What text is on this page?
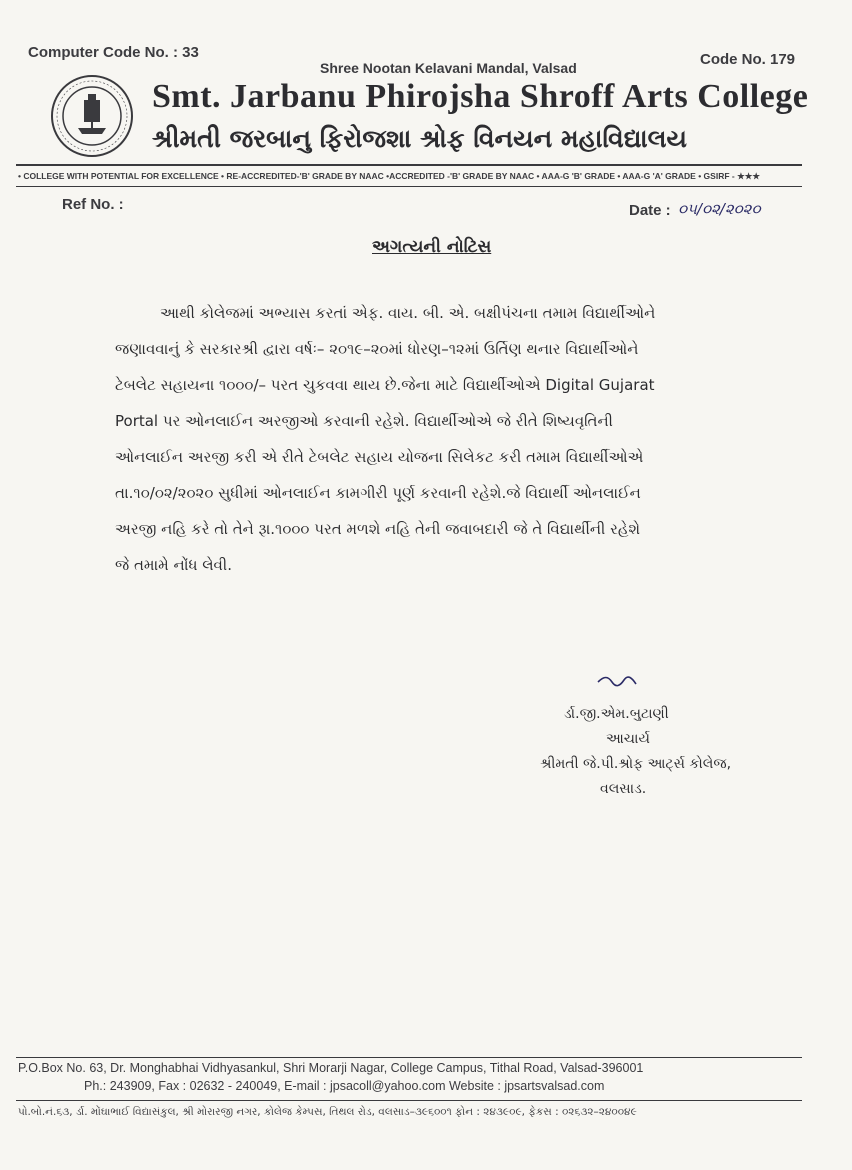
Computer Code No. : 33	Code No. 179
Shree Nootan Kelavani Mandal, Valsad
Smt. Jarbanu Phirojsha Shroff Arts College
શ્રીમતી જરબાનુ ફિરોજશા શ્રોફ વિનયન મહાવિદ્યાલય
• COLLEGE WITH POTENTIAL FOR EXCELLENCE • RE-ACCREDITED-'B' GRADE BY NAAC •ACCREDITED -'B' GRADE BY NAAC • AAA-G 'B' GRADE • AAA-G 'A' GRADE • GSIRF - ★★★
Ref No. :	Date : ૦૫/૦૨/૨૦૨૦
અગત્યની નોટિસ
આથી કોલેજમાં અભ્યાસ કરતાં એફ. વાય. બી. એ. બક્ષીપંચના તમામ વિદ્યાર્થીઓને
જણાવવાનું કે સરકારશ્રી દ્વારા વર્ષઃ– ૨૦૧૯–૨૦માં ધોરણ–૧૨માં ઉર્તિણ થનાર વિદ્યાર્થીઓને
ટેબલેટ સહાયના ૧૦૦૦/– પરત ચુકવવા થાય છે.જેના માટે વિદ્યાર્થીઓએ Digital Gujarat
Portal પર ઓનલાઈન અરજીઓ કરવાની રહેશે. વિદ્યાર્થીઓએ જે રીતે શિષ્યવૃતિની
ઓનલાઈન અરજી કરી એ રીતે ટેબલેટ સહાય યોજના સિલેકટ કરી તમામ વિદ્યાર્થીઓએ
તા.૧૦/૦૨/૨૦૨૦ સુધીમાં ઓનલાઈન કામગીરી પૂર્ણ કરવાની રહેશે.જે વિદ્યાર્થી ઓનલાઈન
અરજી નહિ કરે તો તેને રૂા.૧૦૦૦ પરત મળશે નહિ તેની જવાબદારી જે તે વિદ્યાર્થીની રહેશે
જે તમામે નોંધ લેવી.
ર્ડા.જી.એમ.બુટાણી
આચાર્ય
શ્રીમતી જે.પી.શ્રોફ આર્ટ્સ કોલેજ,
વલસાડ.
P.O.Box No. 63, Dr. Monghabhai Vidhyasankul, Shri Morarji Nagar, College Campus, Tithal Road, Valsad-396001
Ph.: 243909, Fax : 02632 - 240049, E-mail : jpsacoll@yahoo.com Website : jpsartsvalsad.com
પો.બો.નં.૬૩, ર્ડા. મોંઘાભાઈ વિદ્યાસંકુલ, શ્રી મોરારજી નગર, કોલેજ કેમ્પસ, તિથલ રોડ, વલસાડ–૩૯૬૦૦૧ ફોન : ૨૪૩૯૦૯, ફેકસ : ૦૨૬૩૨–૨૪૦૦૪૯
